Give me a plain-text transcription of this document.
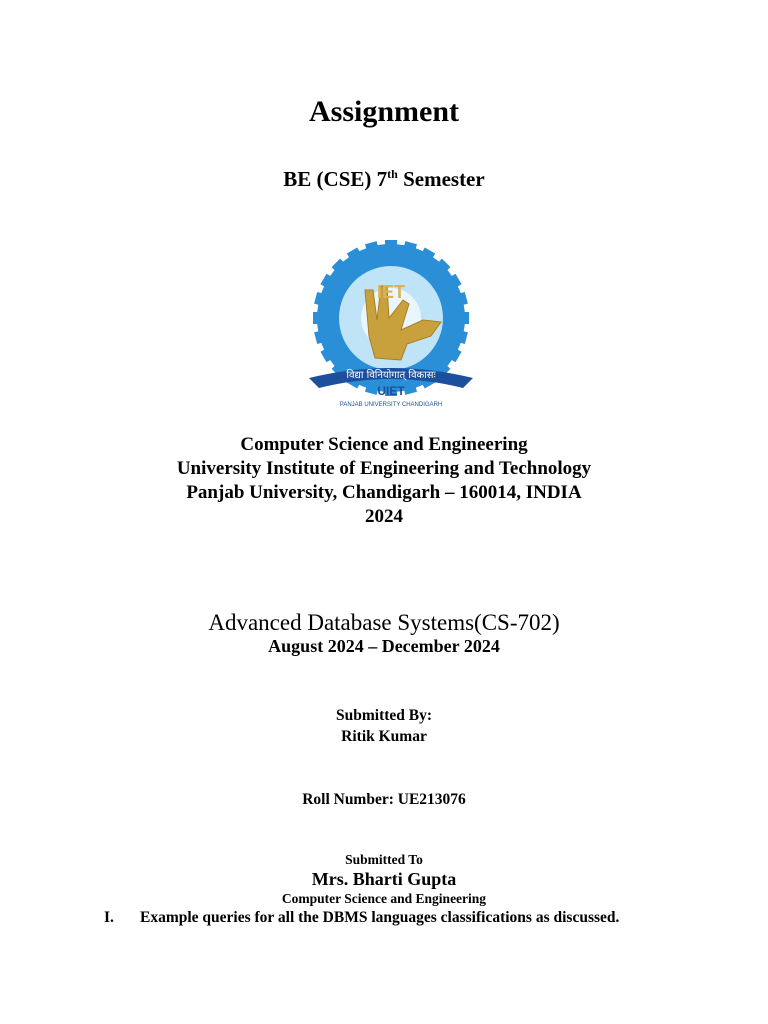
Assignment
BE (CSE) 7th Semester
IET
विद्या विनियोगात् विकासः
UIET
PANJAB UNIVERSITY CHANDIGARH
Computer Science and Engineering
University Institute of Engineering and Technology
Panjab University, Chandigarh – 160014, INDIA
2024
Advanced Database Systems(CS-702)
August 2024 – December 2024
Submitted By:
Ritik Kumar
Roll Number: UE213076
Submitted To
Mrs. Bharti Gupta
Computer Science and Engineering
I. Example queries for all the DBMS languages classifications as discussed.
